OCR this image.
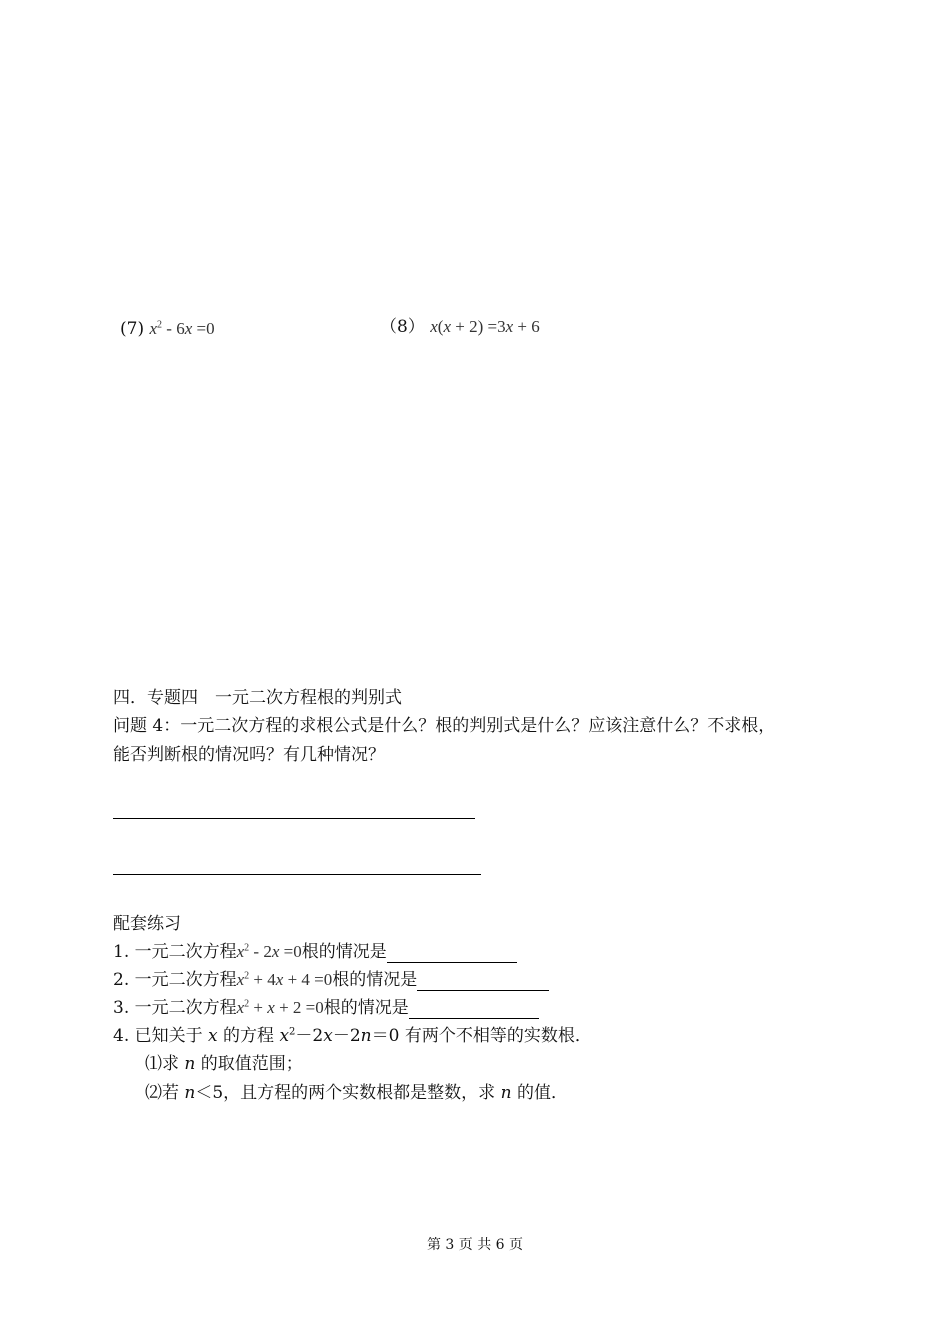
(7) $x^2 - 6x =0$	（8） x(x + 2) =3x + 6
四．专题四　一元二次方程根的判别式
问题 4：一元二次方程的求根公式是什么？根的判别式是什么？应该注意什么？不求根，
能否判断根的情况吗？有几种情况？
配套练习
1. 一元二次方程$x^2 - 2x =0$根的情况是
2. 一元二次方程$x^2 + 4x + 4 =0$根的情况是
3. 一元二次方程$x^2 + x + 2 =0$根的情况是
4. 已知关于 x 的方程 $x^2-2x-2n=0$ 有两个不相等的实数根．
⑴求 n 的取值范围；
⑵若 n＜5，且方程的两个实数根都是整数，求 n 的值．
第 3 页 共 6 页
